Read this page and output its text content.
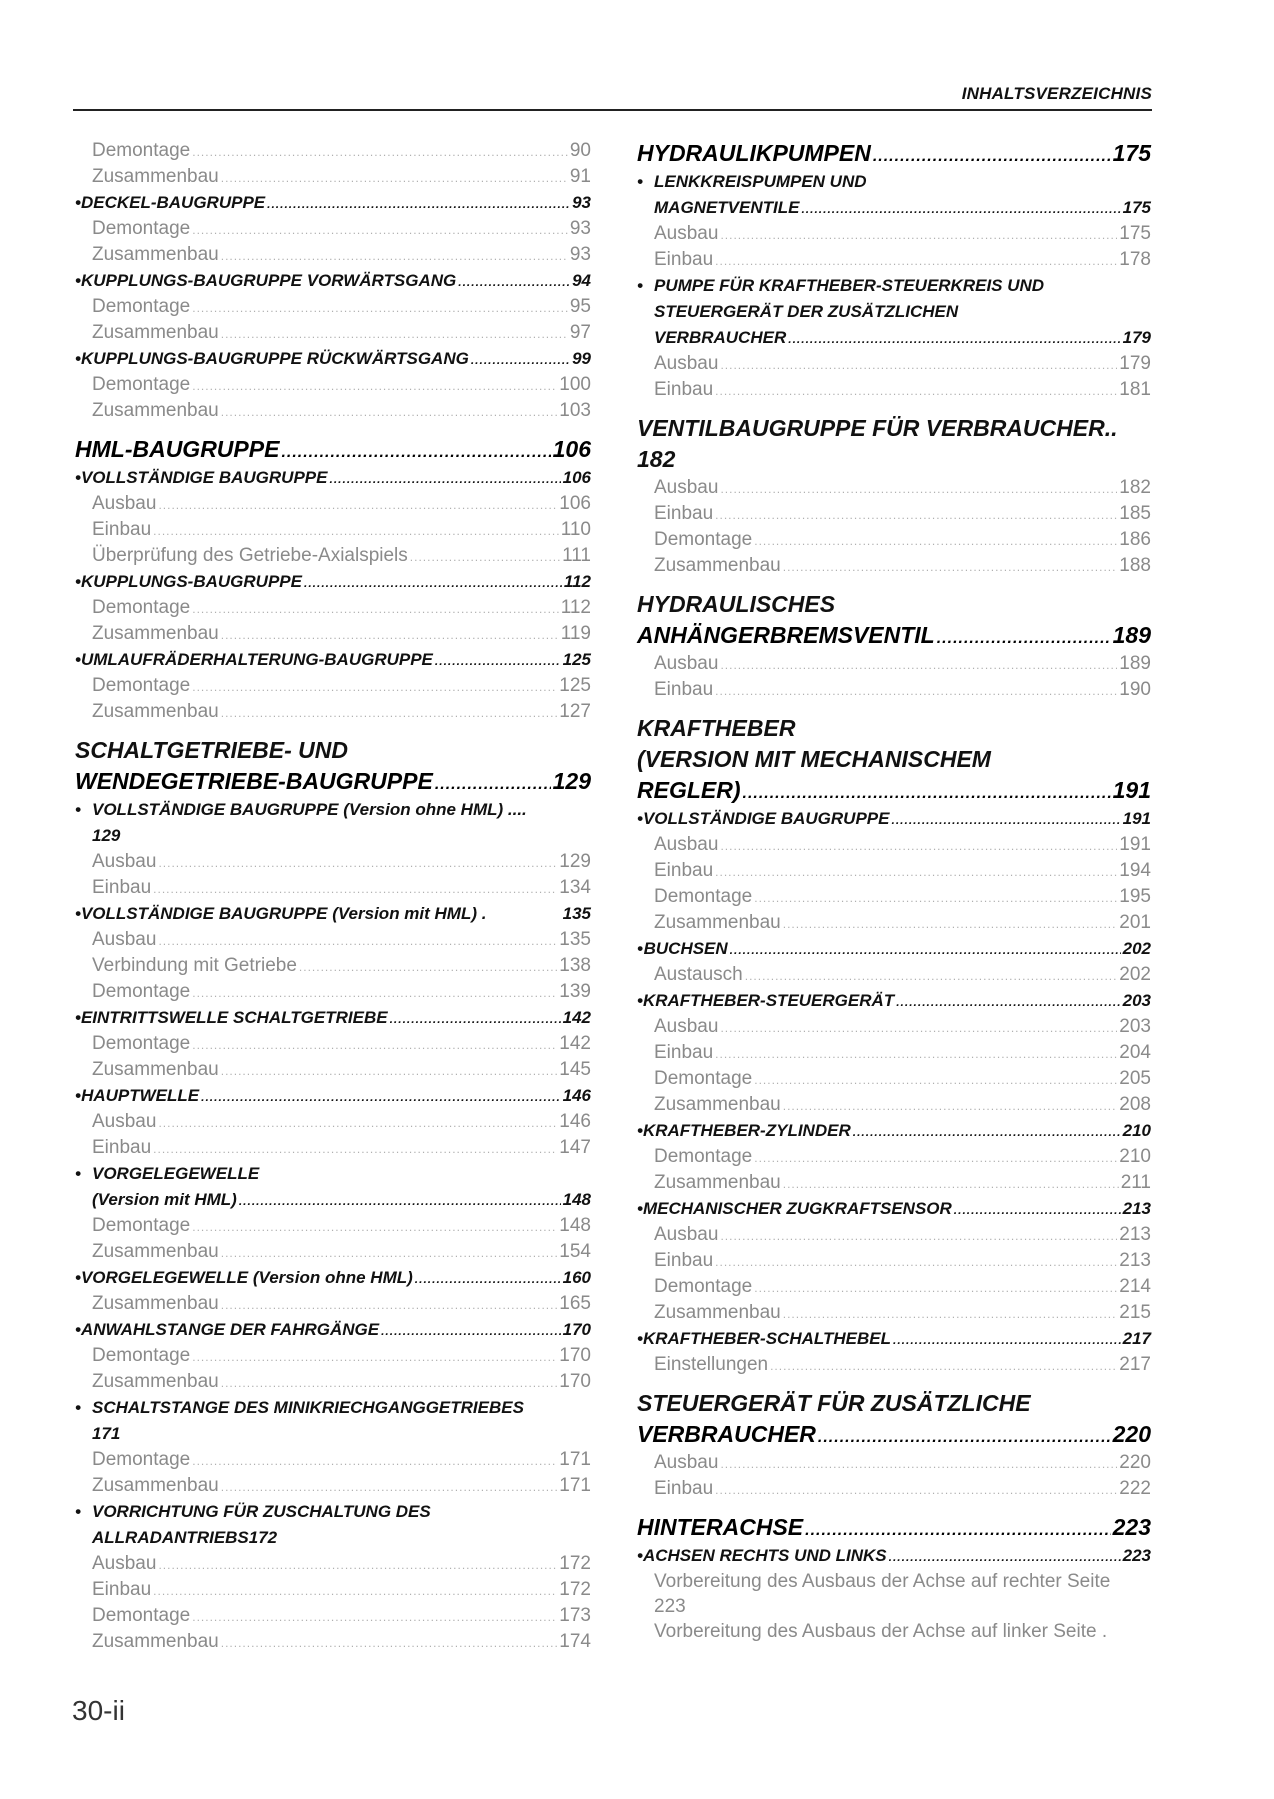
INHALTSVERZEICHNIS
Demontage .....	90
Zusammenbau .....	91
• DECKEL-BAUGRUPPE .....	93
Demontage .....	93
Zusammenbau .....	93
• KUPPLUNGS-BAUGRUPPE VORWÄRTSGANG .....	94
Demontage .....	95
Zusammenbau .....	97
• KUPPLUNGS-BAUGRUPPE RÜCKWÄRTSGANG .....	99
Demontage .....	100
Zusammenbau .....	103
HML-BAUGRUPPE .....	106
• VOLLSTÄNDIGE BAUGRUPPE .....	106
Ausbau .....	106
Einbau .....	110
Überprüfung des Getriebe-Axialspiels .....	111
• KUPPLUNGS-BAUGRUPPE .....	112
Demontage .....	112
Zusammenbau .....	119
• UMLAUFRÄDERHALTERUNG-BAUGRUPPE .....	125
Demontage .....	125
Zusammenbau .....	127
SCHALTGETRIEBE- UND
WENDEGETRIEBE-BAUGRUPPE .....	129
• VOLLSTÄNDIGE BAUGRUPPE (Version ohne HML) ....
129
Ausbau .....	129
Einbau .....	134
• VOLLSTÄNDIGE BAUGRUPPE (Version mit HML) .	135
Ausbau .....	135
Verbindung mit Getriebe .....	138
Demontage .....	139
• EINTRITTSWELLE SCHALTGETRIEBE .....	142
Demontage .....	142
Zusammenbau .....	145
• HAUPTWELLE .....	146
Ausbau .....	146
Einbau .....	147
• VORGELEGEWELLE
(Version mit HML) .....	148
Demontage .....	148
Zusammenbau .....	154
• VORGELEGEWELLE (Version ohne HML) .....	160
Zusammenbau .....	165
• ANWAHLSTANGE DER FAHRGÄNGE .....	170
Demontage .....	170
Zusammenbau .....	170
• SCHALTSTANGE DES MINIKRIECHGANGGETRIEBES
171
Demontage .....	171
Zusammenbau .....	171
• VORRICHTUNG FÜR ZUSCHALTUNG DES
ALLRADANTRIEBS172
Ausbau .....	172
Einbau .....	172
Demontage .....	173
Zusammenbau .....	174
HYDRAULIKPUMPEN .....	175
• LENKKREISPUMPEN UND
MAGNETVENTILE .....	175
Ausbau .....	175
Einbau .....	178
• PUMPE FÜR KRAFTHEBER-STEUERKREIS UND
STEUERGERÄT DER ZUSÄTZLICHEN
VERBRAUCHER .....	179
Ausbau .....	179
Einbau .....	181
VENTILBAUGRUPPE FÜR VERBRAUCHER..
182
Ausbau .....	182
Einbau .....	185
Demontage .....	186
Zusammenbau .....	188
HYDRAULISCHES
ANHÄNGERBREMSVENTIL .....	189
Ausbau .....	189
Einbau .....	190
KRAFTHEBER
(VERSION MIT MECHANISCHEM
REGLER) .....	191
• VOLLSTÄNDIGE BAUGRUPPE .....	191
Ausbau .....	191
Einbau .....	194
Demontage .....	195
Zusammenbau .....	201
• BUCHSEN .....	202
Austausch .....	202
• KRAFTHEBER-STEUERGERÄT .....	203
Ausbau .....	203
Einbau .....	204
Demontage .....	205
Zusammenbau .....	208
• KRAFTHEBER-ZYLINDER .....	210
Demontage .....	210
Zusammenbau .....	211
• MECHANISCHER ZUGKRAFTSENSOR .....	213
Ausbau .....	213
Einbau .....	213
Demontage .....	214
Zusammenbau .....	215
• KRAFTHEBER-SCHALTHEBEL .....	217
Einstellungen .....	217
STEUERGERÄT FÜR ZUSÄTZLICHE
VERBRAUCHER .....	220
Ausbau .....	220
Einbau .....	222
HINTERACHSE .....	223
• ACHSEN RECHTS UND LINKS .....	223
Vorbereitung des Ausbaus der Achse auf rechter Seite
223
Vorbereitung des Ausbaus der Achse auf linker Seite .
30-ii
